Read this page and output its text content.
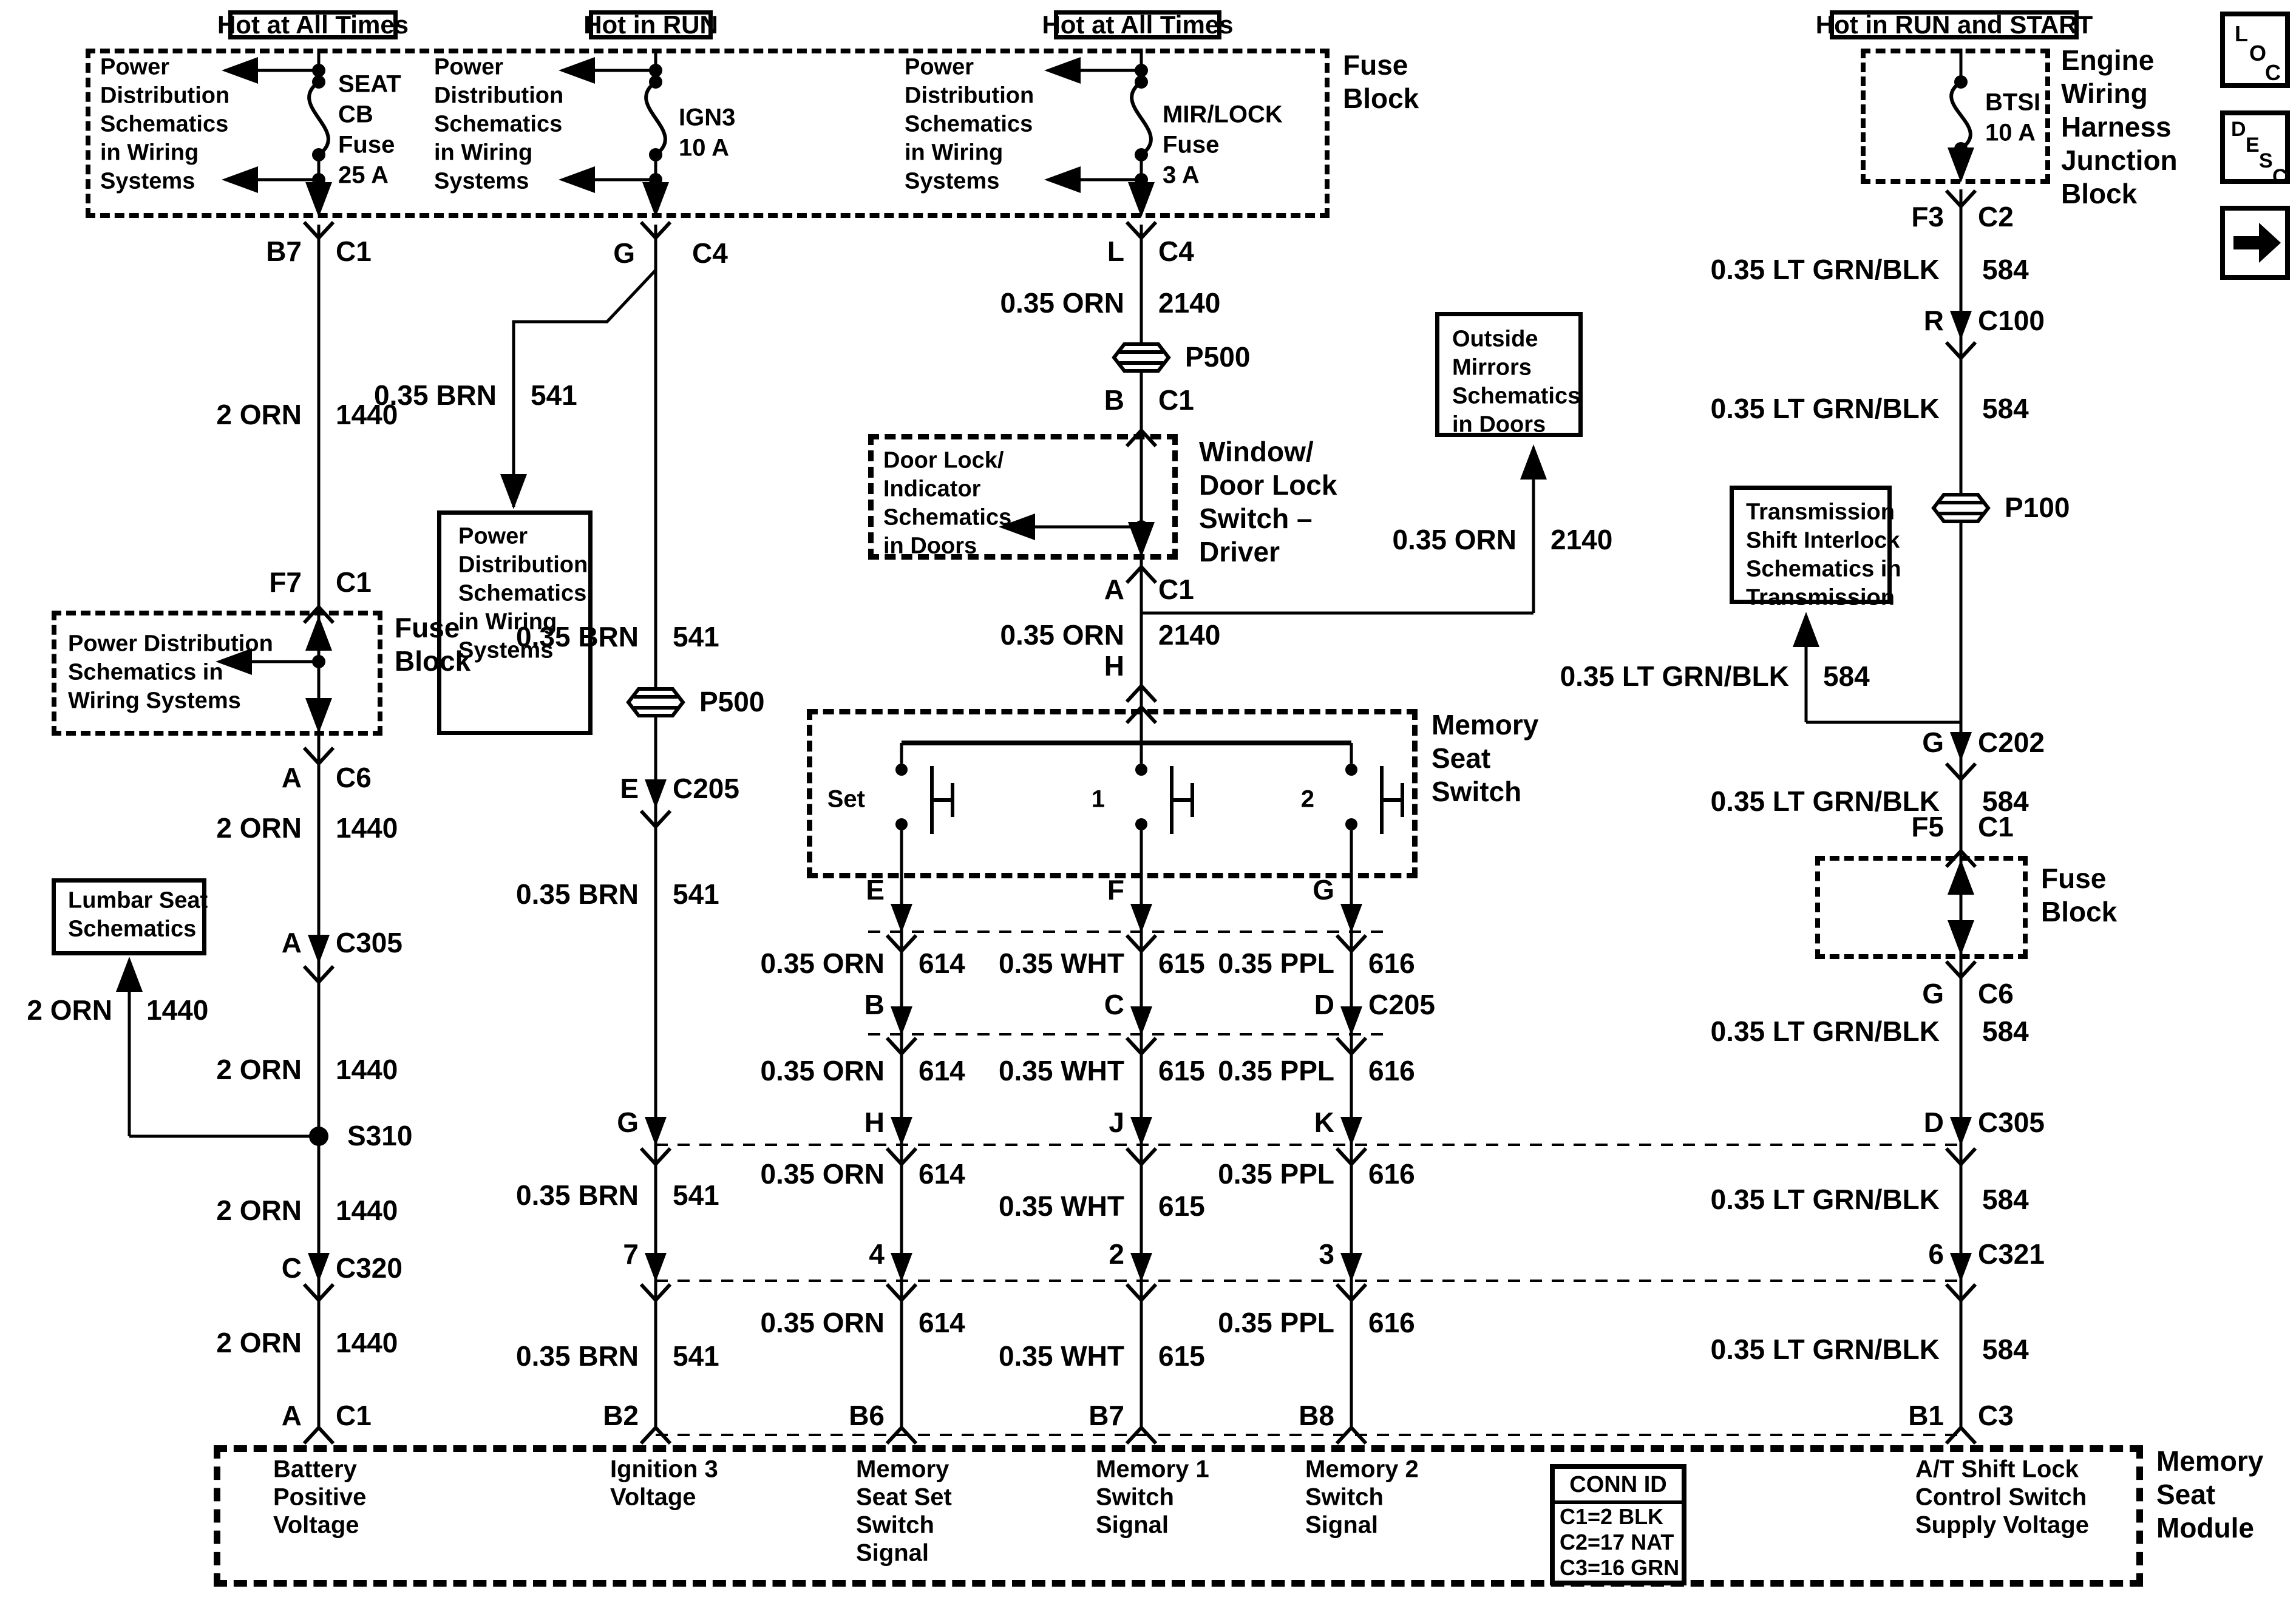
Hot at All Times	Hot in RUN	Hot at All Times	Hot in RUN and START	L
O
C
D
E
S
C
Fuse
Block
Engine
Wiring
Harness
Junction
Block
Power
Distribution
Schematics
in Wiring
Systems
Power
Distribution
Schematics
in Wiring
Systems
Power
Distribution
Schematics
in Wiring
Systems
SEAT
CB
Fuse
25 A
IGN3
10 A
MIR/LOCK
Fuse
3 A
BTSI
10 A
B7 C1
F7 C1
A C6
A C305
C C320
A C1
G C4
E C205
G
7
B2
L C4
B C1
A C1
H
F
C
J
2
B7
E
B
H
4
B6
G
D C205
K
3
B8
F3 C2
R C100
G C202
F5 C1
G C6
D C305
6 C321
B1 C3
2 ORN 1440
2 ORN 1440
2 ORN 1440
2 ORN 1440
2 ORN 1440
2 ORN 1440
0.35 BRN 541
0.35 BRN 541
0.35 BRN 541
0.35 BRN 541
0.35 BRN 541
0.35 ORN 2140
0.35 ORN 2140
0.35 ORN 2140
0.35 ORN 614
0.35 ORN 614
0.35 ORN 614
0.35 ORN 614
0.35 WHT 615
0.35 WHT 615
0.35 WHT 615
0.35 WHT 615
0.35 PPL 616
0.35 PPL 616
0.35 PPL 616
0.35 PPL 616
0.35 LT GRN/BLK 584
0.35 LT GRN/BLK 584
0.35 LT GRN/BLK 584
0.35 LT GRN/BLK 584
0.35 LT GRN/BLK 584
0.35 LT GRN/BLK 584
0.35 LT GRN/BLK 584
P500
P500
P100
S310
Power Distribution
Schematics in
Wiring Systems
Fuse
Block
Power
Distribution
Schematics
in Wiring
Systems
Door Lock/
Indicator
Schematics
in Doors
Window/
Door Lock
Switch –
Driver
Outside
Mirrors
Schematics
in Doors
Transmission
Shift Interlock
Schematics in
Transmission
Lumbar Seat
Schematics
Memory
Seat
Switch
Fuse
Block
Set	1	2
Memory
Seat
Module
Battery
Positive
Voltage
Ignition 3
Voltage
Memory
Seat Set
Switch
Signal
Memory 1
Switch
Signal
Memory 2
Switch
Signal
A/T Shift Lock
Control Switch
Supply Voltage
CONN ID
C1=2 BLK
C2=17 NAT
C3=16 GRN
